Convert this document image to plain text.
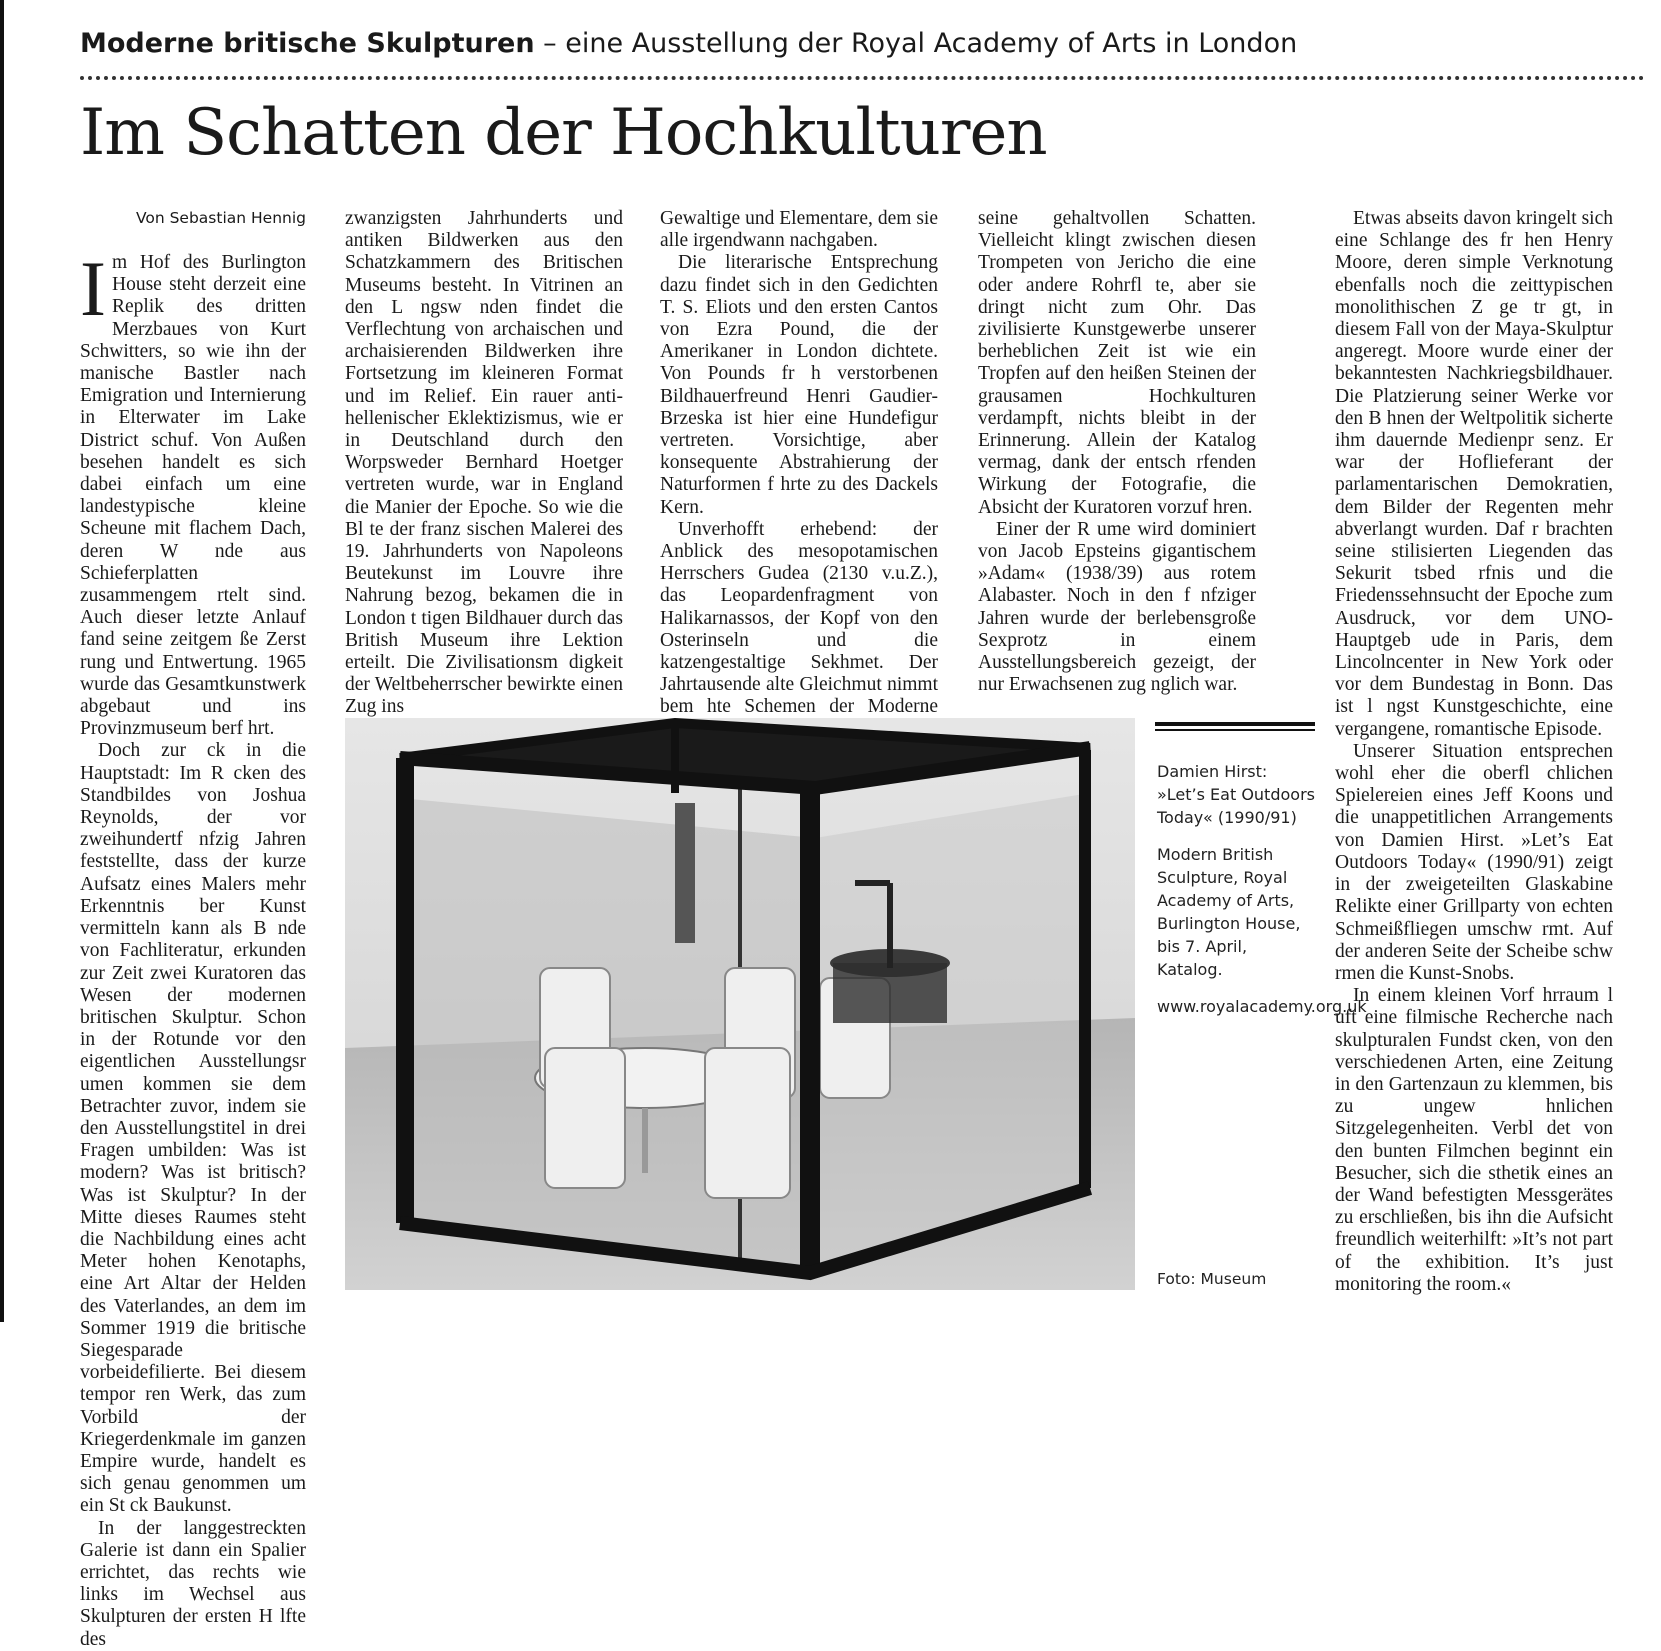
Moderne britische Skulpturen – eine Ausstellung der Royal Academy of Arts in London
Im Schatten der Hochkulturen
Von Sebastian Hennig

Im Hof des Burlington House steht derzeit eine Replik des dritten Merzbaues von Kurt Schwitters, so wie ihn der manische Bastler nach Emigration und Internierung in Elterwater im Lake District schuf. Von Außen besehen handelt es sich dabei einfach um eine landestypische kleine Scheune mit flachem Dach, deren W nde aus Schieferplatten zusammengem rtelt sind. Auch dieser letzte Anlauf fand seine zeitgem ße Zerst rung und Entwertung. 1965 wurde das Gesamtkunstwerk abgebaut und ins Provinzmuseum berf hrt.

Doch zur ck in die Hauptstadt: Im R cken des Standbildes von Joshua Reynolds, der vor zweihundertf nfzig Jahren feststellte, dass der kurze Aufsatz eines Malers mehr Erkenntnis ber Kunst vermitteln kann als B nde von Fachliteratur, erkunden zur Zeit zwei Kuratoren das Wesen der modernen britischen Skulptur. Schon in der Rotunde vor den eigentlichen Ausstellungsr umen kommen sie dem Betrachter zuvor, indem sie den Ausstellungstitel in drei Fragen umbilden: Was ist modern? Was ist britisch? Was ist Skulptur? In der Mitte dieses Raumes steht die Nachbildung eines acht Meter hohen Kenotaphs, eine Art Altar der Helden des Vaterlandes, an dem im Sommer 1919 die britische Siegesparade vorbeidefilierte. Bei diesem tempor ren Werk, das zum Vorbild der Kriegerdenkmale im ganzen Empire wurde, handelt es sich genau genommen um ein St ck Baukunst.

In der langgestreckten Galerie ist dann ein Spalier errichtet, das rechts wie links im Wechsel aus Skulpturen der ersten H lfte des

zwanzigsten Jahrhunderts und antiken Bildwerken aus den Schatzkammern des Britischen Museums besteht. In Vitrinen an den L ngsw nden findet die Verflechtung von archaischen und archaisierenden Bildwerken ihre Fortsetzung im kleineren Format und im Relief. Ein rauer anti-hellenischer Eklektizismus, wie er in Deutschland durch den Worpsweder Bernhard Hoetger vertreten wurde, war in England die Manier der Epoche. So wie die Bl te der franz sischen Malerei des 19. Jahrhunderts von Napoleons Beutekunst im Louvre ihre Nahrung bezog, bekamen die in London t tigen Bildhauer durch das British Museum ihre Lektion erteilt. Die Zivilisationsm digkeit der Weltbeherrscher bewirkte einen Zug ins

Gewaltige und Elementare, dem sie alle irgendwann nachgaben.

Die literarische Entsprechung dazu findet sich in den Gedichten T. S. Eliots und den ersten Cantos von Ezra Pound, die der Amerikaner in London dichtete. Von Pounds fr h verstorbenen Bildhauerfreund Henri Gaudier-Brzeska ist hier eine Hundefigur vertreten. Vorsichtige, aber konsequente Abstrahierung der Naturformen f hrte zu des Dackels Kern.

Unverhofft erhebend: der Anblick des mesopotamischen Herrschers Gudea (2130 v.u.Z.), das Leopardenfragment von Halikarnassos, der Kopf von den Osterinseln und die katzengestaltige Sekhmet. Der Jahrtausende alte Gleichmut nimmt bem hte Schemen der Moderne

seine gehaltvollen Schatten. Vielleicht klingt zwischen diesen Trompeten von Jericho die eine oder andere Rohrfl te, aber sie dringt nicht zum Ohr. Das zivilisierte Kunstgewerbe unserer berheblichen Zeit ist wie ein Tropfen auf den heißen Steinen der grausamen Hochkulturen verdampft, nichts bleibt in der Erinnerung. Allein der Katalog vermag, dank der entsch rfenden Wirkung der Fotografie, die Absicht der Kuratoren vorzuf hren.

Einer der R ume wird dominiert von Jacob Epsteins gigantischem »Adam« (1938/39) aus rotem Alabaster. Noch in den f nfziger Jahren wurde der berlebensgroße Sexprotz in einem Ausstellungsbereich gezeigt, der nur Erwachsenen zug nglich war.

Etwas abseits davon kringelt sich eine Schlange des fr hen Henry Moore, deren simple Verknotung ebenfalls noch die zeittypischen monolithischen Z ge tr gt, in diesem Fall von der Maya-Skulptur angeregt. Moore wurde einer der bekanntesten Nachkriegsbildhauer. Die Platzierung seiner Werke vor den B hnen der Weltpolitik sicherte ihm dauernde Medienpr senz. Er war der Hoflieferant der parlamentarischen Demokratien, dem Bilder der Regenten mehr abverlangt wurden. Daf r brachten seine stilisierten Liegenden das Sekurit tsbed rfnis und die Friedenssehnsucht der Epoche zum Ausdruck, vor dem UNO-Hauptgeb ude in Paris, dem Lincolncenter in New York oder vor dem Bundestag in Bonn. Das ist l ngst Kunstgeschichte, eine vergangene, romantische Episode.

Unserer Situation entsprechen wohl eher die oberfl chlichen Spielereien eines Jeff Koons und die unappetitlichen Arrangements von Damien Hirst. »Let’s Eat Outdoors Today« (1990/91) zeigt in der zweigeteilten Glaskabine Relikte einer Grillparty von echten Schmeißfliegen umschw rmt. Auf der anderen Seite der Scheibe schw rmen die Kunst-Snobs.

In einem kleinen Vorf hrraum l uft eine filmische Recherche nach skulpturalen Fundst cken, von den verschiedenen Arten, eine Zeitung in den Gartenzaun zu klemmen, bis zu ungew hnlichen Sitzgelegenheiten. Verbl det von den bunten Filmchen beginnt ein Besucher, sich die sthetik eines an der Wand befestigten Messgerätes zu erschließen, bis ihn die Aufsicht freundlich weiterhilft: »It’s not part of the exhibition. It’s just monitoring the room.«

Damien Hirst: »Let’s Eat Outdoors Today« (1990/91)

Modern British Sculpture, Royal Academy of Arts, Burlington House, bis 7. April, Katalog.

www.royalacademy.org.uk

Foto: Museum
